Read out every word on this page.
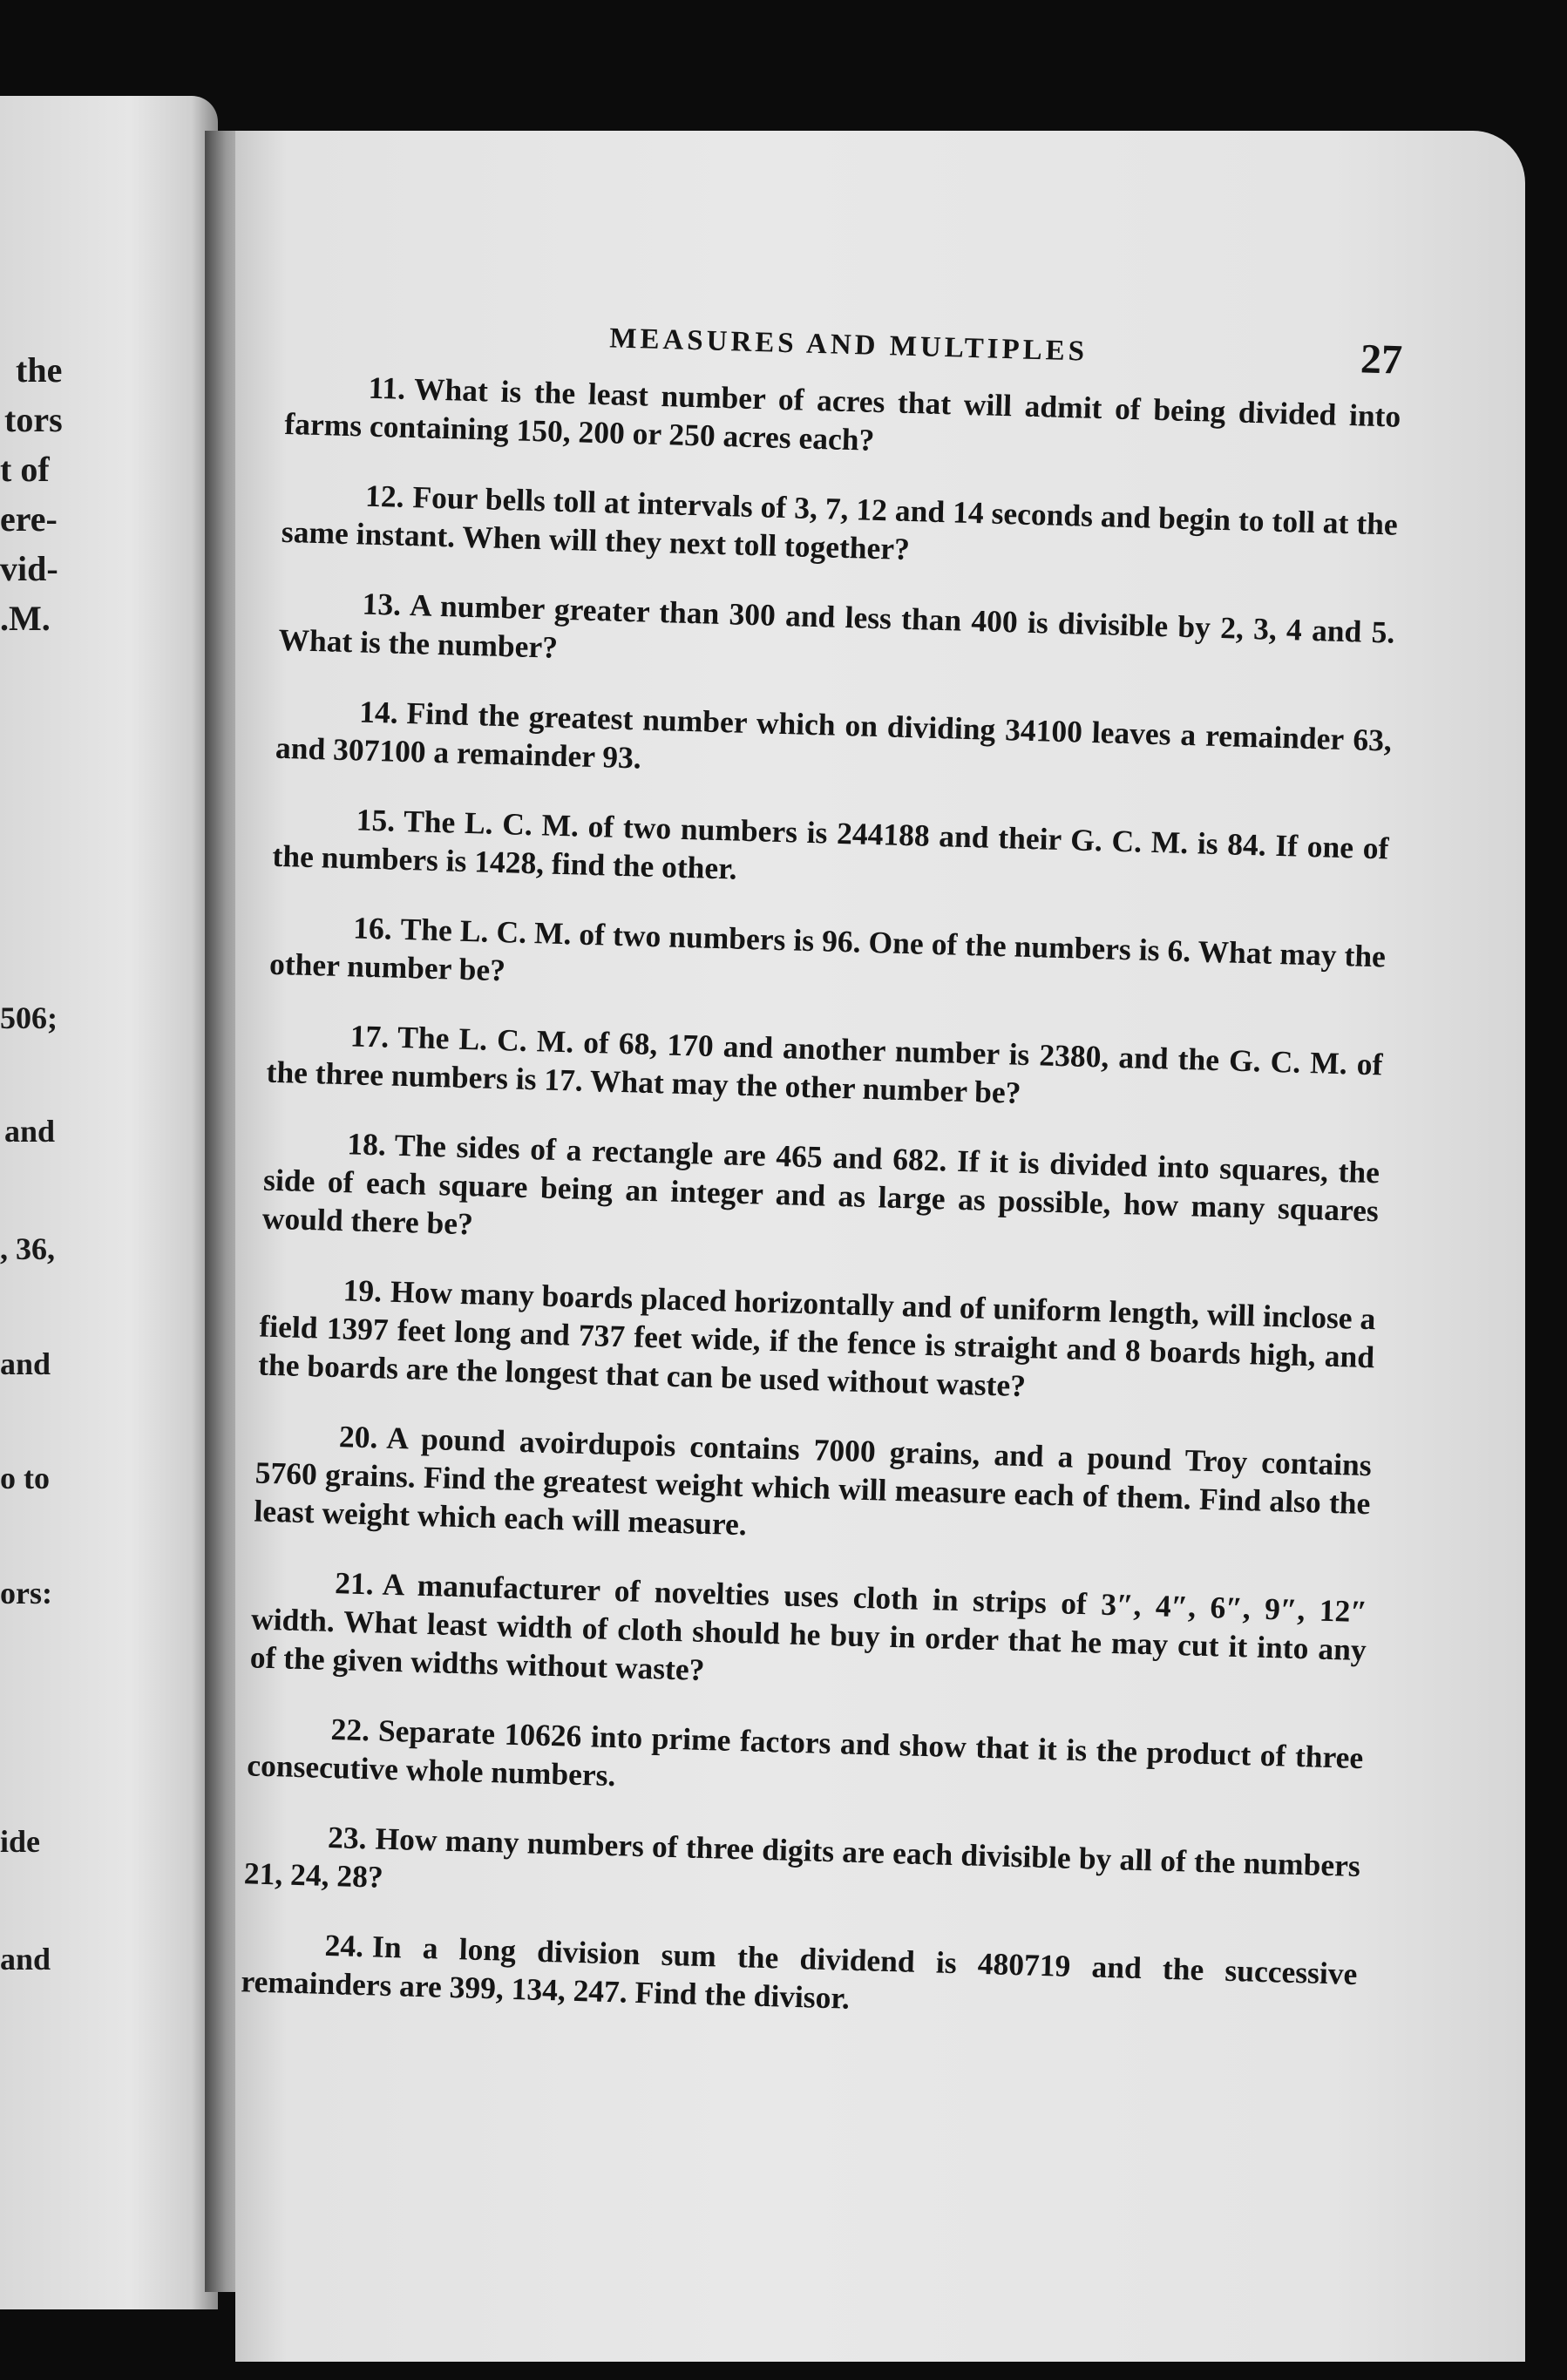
the
tors
t of
ere-
vid-
.M.
506;
and
, 36,
and
o to
ors:
ide
and
MEASURES AND MULTIPLES	27

11. What is the least number of acres that will admit of being divided into farms containing 150, 200 or 250 acres each?

12. Four bells toll at intervals of 3, 7, 12 and 14 seconds and begin to toll at the same instant. When will they next toll together?

13. A number greater than 300 and less than 400 is divisible by 2, 3, 4 and 5. What is the number?

14. Find the greatest number which on dividing 34100 leaves a remainder 63, and 307100 a remainder 93.

15. The L. C. M. of two numbers is 244188 and their G. C. M. is 84. If one of the numbers is 1428, find the other.

16. The L. C. M. of two numbers is 96. One of the numbers is 6. What may the other number be?

17. The L. C. M. of 68, 170 and another number is 2380, and the G. C. M. of the three numbers is 17. What may the other number be?

18. The sides of a rectangle are 465 and 682. If it is divided into squares, the side of each square being an integer and as large as possible, how many squares would there be?

19. How many boards placed horizontally and of uniform length, will inclose a field 1397 feet long and 737 feet wide, if the fence is straight and 8 boards high, and the boards are the longest that can be used without waste?

20. A pound avoirdupois contains 7000 grains, and a pound Troy contains 5760 grains. Find the greatest weight which will measure each of them. Find also the least weight which each will measure.

21. A manufacturer of novelties uses cloth in strips of 3″, 4″, 6″, 9″, 12″ width. What least width of cloth should he buy in order that he may cut it into any of the given widths without waste?

22. Separate 10626 into prime factors and show that it is the product of three consecutive whole numbers.

23. How many numbers of three digits are each divisible by all of the numbers 21, 24, 28?

24. In a long division sum the dividend is 480719 and the successive remainders are 399, 134, 247. Find the divisor.
